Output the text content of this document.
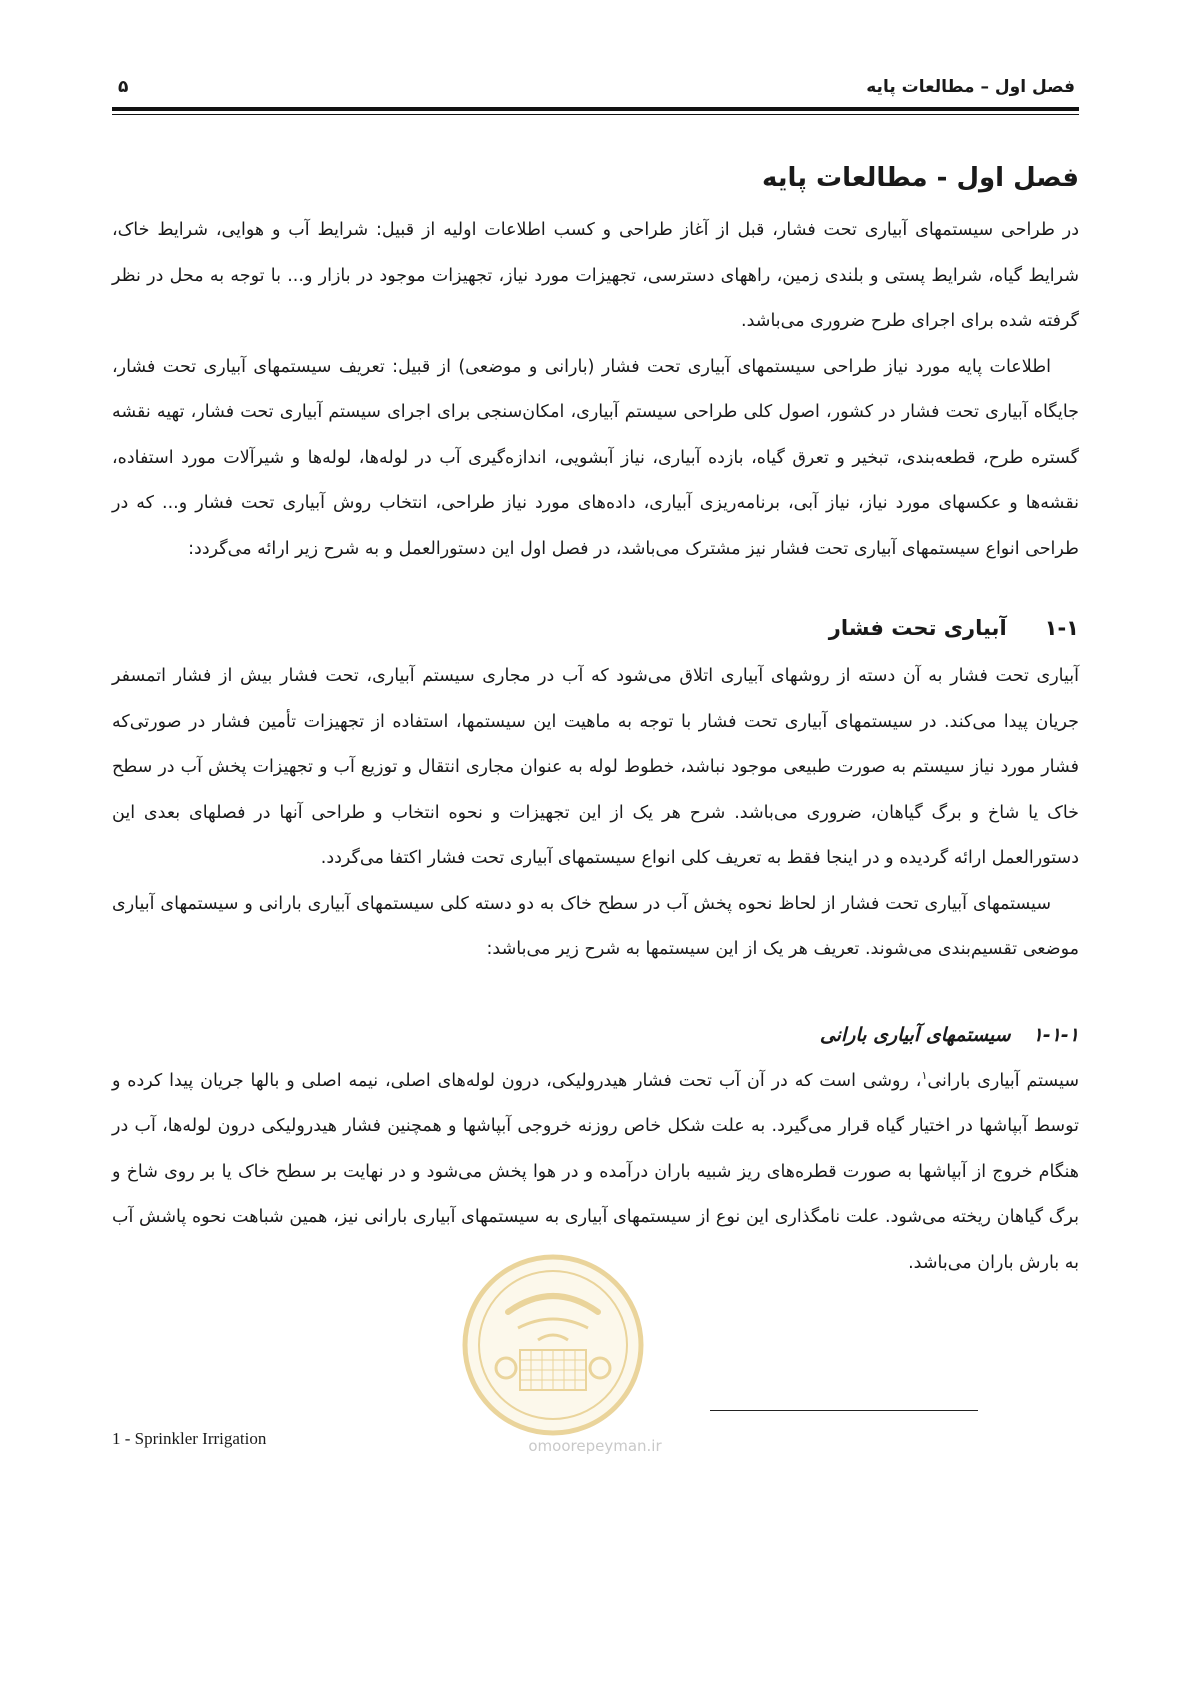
فصل اول – مطالعات پایه
۵
فصل اول - مطالعات پایه

در طراحی سیستمهای آبیاری تحت فشار، قبل از آغاز طراحی و کسب اطلاعات اولیه از قبیل: شرایط آب و هوایی، شرایط خاک، شرایط گیاه، شرایط پستی و بلندی زمین، راههای دسترسی، تجهیزات مورد نیاز، تجهیزات موجود در بازار و... با توجه به محل در نظر گرفته شده برای اجرای طرح ضروری می‌باشد.

اطلاعات پایه مورد نیاز طراحی سیستمهای آبیاری تحت فشار (بارانی و موضعی) از قبیل: تعریف سیستمهای آبیاری تحت فشار، جایگاه آبیاری تحت فشار در کشور، اصول کلی طراحی سیستم آبیاری، امکان‌سنجی برای اجرای سیستم آبیاری تحت فشار، تهیه نقشه گستره طرح، قطعه‌بندی، تبخیر و تعرق گیاه، بازده آبیاری، نیاز آبشویی، اندازه‌گیری آب در لوله‌ها، لوله‌ها و شیرآلات مورد استفاده، نقشه‌ها و عکسهای مورد نیاز، نیاز آبی، برنامه‌ریزی آبیاری، داده‌های مورد نیاز طراحی، انتخاب روش آبیاری تحت فشار و... که در طراحی انواع سیستمهای آبیاری تحت فشار نیز مشترک می‌باشد، در فصل اول این دستورالعمل و به شرح زیر ارائه می‌گردد:

۱-۱آبیاری تحت فشار

آبیاری تحت فشار به آن دسته از روشهای آبیاری اتلاق می‌شود که آب در مجاری سیستم آبیاری، تحت فشار بیش از فشار اتمسفر جریان پیدا می‌کند. در سیستمهای آبیاری تحت فشار با توجه به ماهیت این سیستمها، استفاده از تجهیزات تأمین فشار در صورتی‌که فشار مورد نیاز سیستم به صورت طبیعی موجود نباشد، خطوط لوله به عنوان مجاری انتقال و توزیع آب و تجهیزات پخش آب در سطح خاک یا شاخ و برگ گیاهان، ضروری می‌باشد. شرح هر یک از این تجهیزات و نحوه انتخاب و طراحی آنها در فصلهای بعدی این دستورالعمل ارائه گردیده و در اینجا فقط به تعریف کلی انواع سیستمهای آبیاری تحت فشار اکتفا می‌گردد.

سیستمهای آبیاری تحت فشار از لحاظ نحوه پخش آب در سطح خاک به دو دسته کلی سیستمهای آبیاری بارانی و سیستمهای آبیاری موضعی تقسیم‌بندی می‌شوند. تعریف هر یک از این سیستمها به شرح زیر می‌باشد:

۱-۱-۱سیستمهای آبیاری بارانی

سیستم آبیاری بارانی$^۱$، روشی است که در آن آب تحت فشار هیدرولیکی، درون لوله‌های اصلی، نیمه اصلی و بالها جریان پیدا کرده و توسط آبپاشها در اختیار گیاه قرار می‌گیرد. به علت شکل خاص روزنه خروجی آبپاشها و همچنین فشار هیدرولیکی درون لوله‌ها، آب در هنگام خروج از آبپاشها به صورت قطره‌های ریز شبیه باران درآمده و در هوا پخش می‌شود و در نهایت بر سطح خاک یا بر روی شاخ و برگ گیاهان ریخته می‌شود. علت نامگذاری این نوع از سیستمهای آبیاری به سیستمهای آبیاری بارانی نیز، همین شباهت نحوه پاشش آب به بارش باران می‌باشد.

omoorepeyman.ir
1 - Sprinkler Irrigation
